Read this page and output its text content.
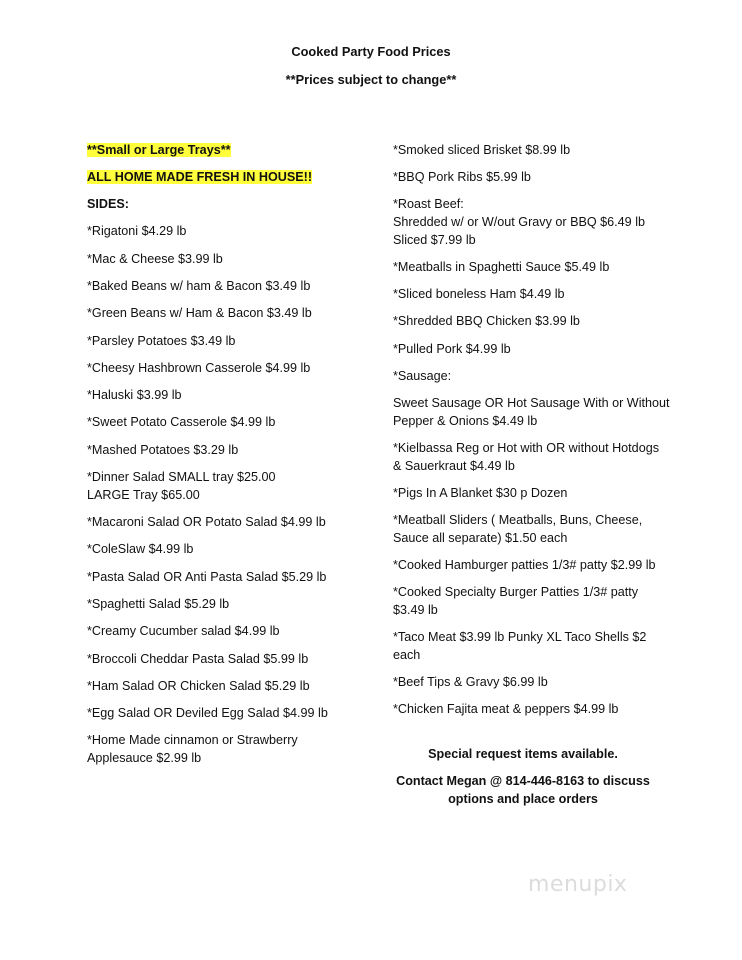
Cooked Party Food Prices
**Prices subject to change**
**Small or Large Trays**
ALL HOME MADE FRESH IN HOUSE!!
SIDES:
*Rigatoni $4.29 lb
*Mac & Cheese $3.99 lb
*Baked Beans w/ ham & Bacon $3.49 lb
*Green Beans w/ Ham & Bacon $3.49 lb
*Parsley Potatoes $3.49 lb
*Cheesy Hashbrown Casserole $4.99 lb
*Haluski $3.99 lb
*Sweet Potato Casserole $4.99 lb
*Mashed Potatoes $3.29 lb
*Dinner Salad SMALL tray $25.00
LARGE Tray $65.00
*Macaroni Salad OR Potato Salad $4.99 lb
*ColeSlaw $4.99 lb
*Pasta Salad OR Anti Pasta Salad $5.29 lb
*Spaghetti Salad $5.29 lb
*Creamy Cucumber salad $4.99 lb
*Broccoli Cheddar Pasta Salad $5.99 lb
*Ham Salad OR Chicken Salad $5.29 lb
*Egg Salad OR Deviled Egg Salad $4.99 lb
*Home Made cinnamon or Strawberry
Applesauce $2.99 lb
*Smoked sliced Brisket $8.99 lb
*BBQ Pork Ribs $5.99 lb
*Roast Beef:
Shredded w/ or W/out Gravy or BBQ $6.49 lb
Sliced $7.99 lb
*Meatballs in Spaghetti Sauce $5.49 lb
*Sliced boneless Ham $4.49 lb
*Shredded BBQ Chicken $3.99 lb
*Pulled Pork $4.99 lb
*Sausage:
Sweet Sausage OR Hot Sausage With or Without
Pepper & Onions $4.49 lb
*Kielbassa Reg or Hot with OR without Hotdogs
& Sauerkraut $4.49 lb
*Pigs In A Blanket $30 p Dozen
*Meatball Sliders ( Meatballs, Buns, Cheese,
Sauce all separate) $1.50 each
*Cooked Hamburger patties 1/3# patty $2.99 lb
*Cooked Specialty Burger Patties 1/3# patty
$3.49 lb
*Taco Meat $3.99 lb Punky XL Taco Shells $2
each
*Beef Tips & Gravy $6.99 lb
*Chicken Fajita meat & peppers $4.99 lb
Special request items available.
Contact Megan @ 814-446-8163 to discuss
options and place orders
menupix
